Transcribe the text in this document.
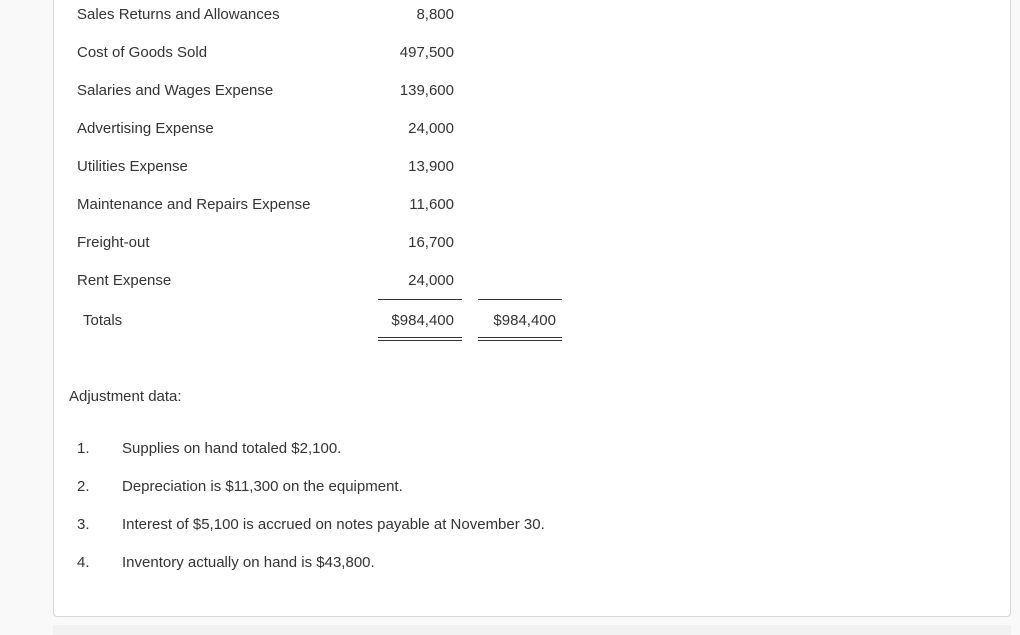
Sales Returns and Allowances	8,800
Cost of Goods Sold	497,500
Salaries and Wages Expense	139,600
Advertising Expense	24,000
Utilities Expense	13,900
Maintenance and Repairs Expense	11,600
Freight-out	16,700
Rent Expense	24,000
Totals	$984,400	$984,400
Adjustment data:
1. Supplies on hand totaled $2,100.
2. Depreciation is $11,300 on the equipment.
3. Interest of $5,100 is accrued on notes payable at November 30.
4. Inventory actually on hand is $43,800.
